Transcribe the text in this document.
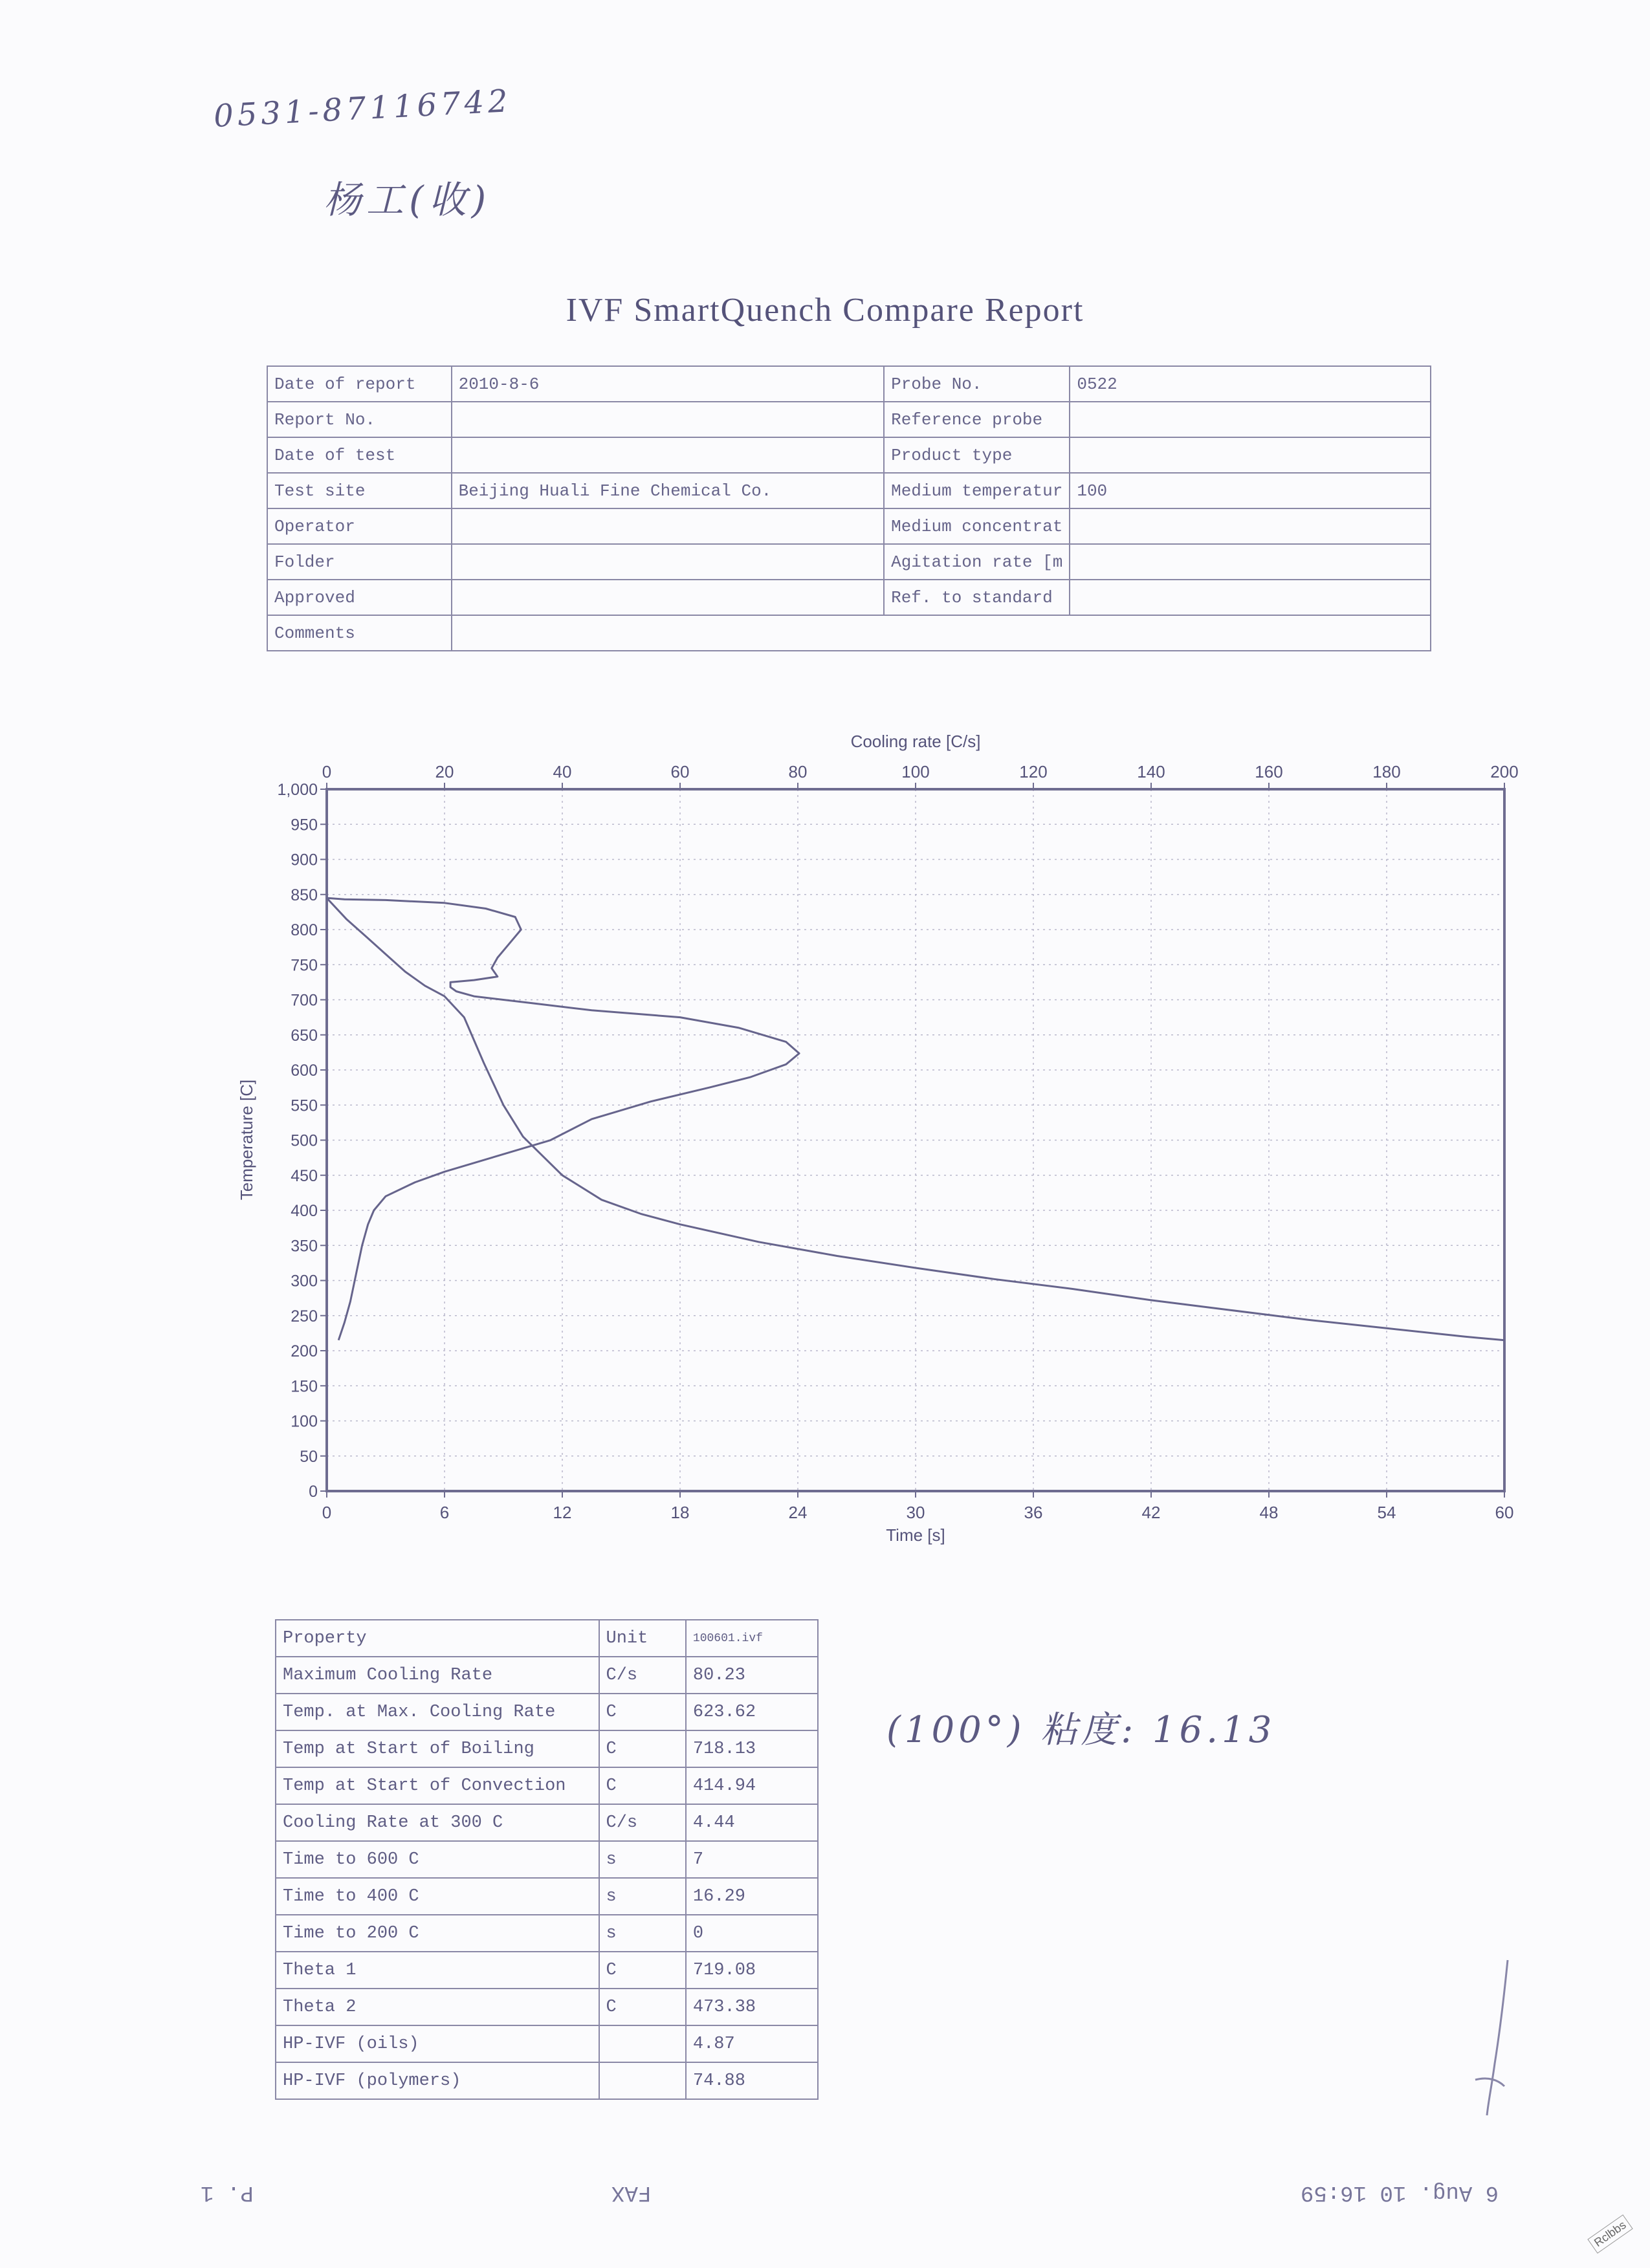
0531-87116742
杨工(收)
IVF SmartQuench Compare Report
Date of report	2010-8-6	Probe No.	0522
Report No.		Reference probe	
Date of test		Product type	
Test site	Beijing Huali Fine Chemical Co.	Medium temperatur	100
Operator		Medium concentrat	
Folder		Agitation rate [m	
Approved		Ref. to standard	
Comments			
0	6	12	18	24	30	36	42	48	54	60
0	20	40	60	80	100	120	140	160	180	200
0
50
100
150
200
250
300
350
400
450
500
550
600
650
700
750
800
850
900
950
1,000
Cooling rate [C/s]
Time [s]
Temperature [C]
Property	Unit	100601.ivf
Maximum Cooling Rate	C/s	80.23
Temp. at Max. Cooling Rate	C	623.62
Temp at Start of Boiling	C	718.13
Temp at Start of Convection	C	414.94
Cooling Rate at 300 C	C/s	4.44
Time to 600 C	s	7
Time to 400 C	s	16.29
Time to 200 C	s	0
Theta 1	C	719.08
Theta 2	C	473.38
HP-IVF (oils)		4.87
HP-IVF (polymers)		74.88
(100°) 粘度: 16.13
P. 1	FAX	6 Aug. 10 16:59
Rclbbs
